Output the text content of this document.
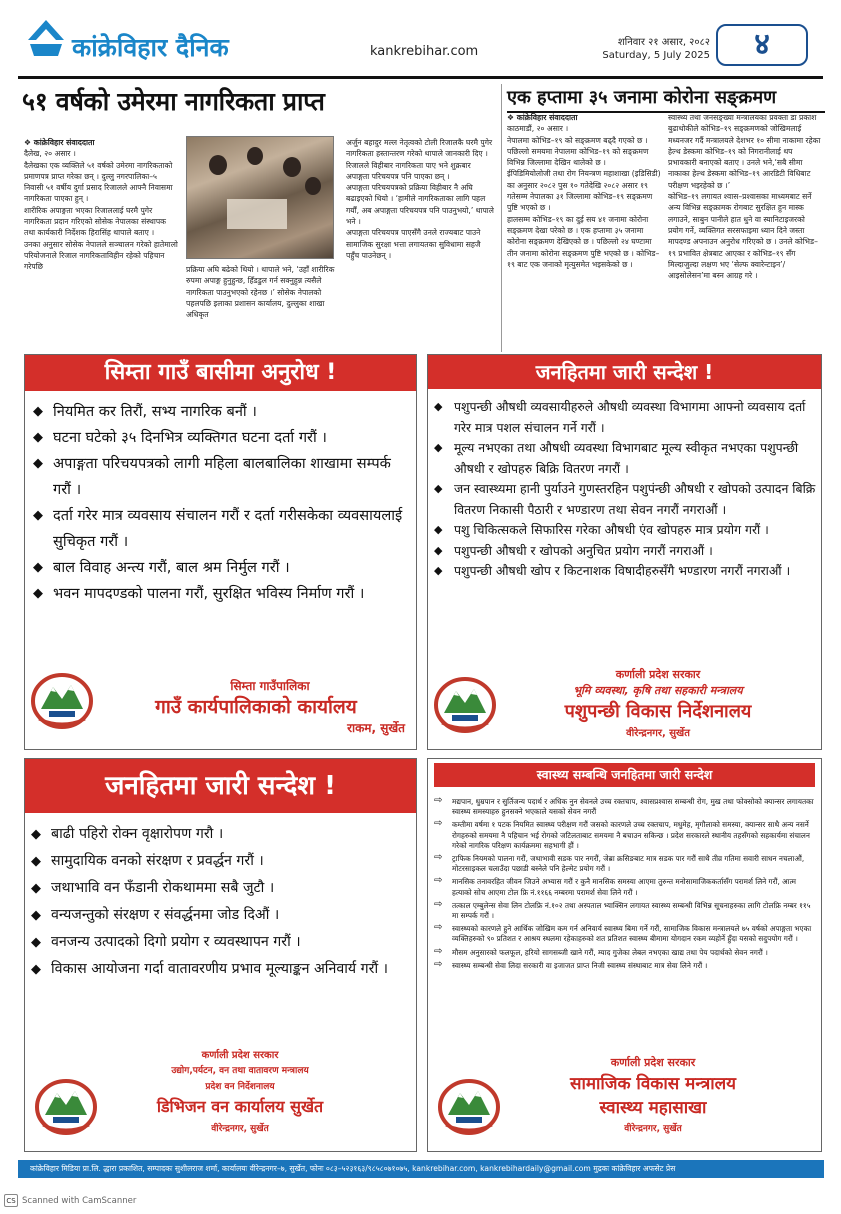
कांक्रेविहार दैनिक	kankrebihar.com
शनिवार २१ असार, २०८२
Saturday, 5 July 2025	४
५१ वर्षको उमेरमा नागरिकता प्राप्त
❖ कांक्रेविहार संवाददाता
दैलेख, २० असार ।
दैलेखका एक व्यक्तिले ५१ वर्षको उमेरमा नागरिकताको प्रमाणपत्र प्राप्त गरेका छन् । दुल्लु नगरपालिका–५ निवासी ५१ वर्षीय दुर्गा प्रसाद रिजालले आफ्नै निवासमा नागरिकता पाएका हुन् ।
शारीरिक अपाङ्गता भएका रिजाललाई घरमै पुगेर नागरिकता प्रदान गरिएको सोसेक नेपालका संस्थापक तथा कार्यकारी निर्देशक हिरासिंह थापाले बताए ।
उनका अनुसार सोसेक नेपालले सञ्चालन गरेको हातेमालो परियोजनाले रिजाल नागरिकताविहीन रहेको पहिचान गरेपछि	प्रक्रिया अघि बढेको थियो । थापाले भने, ‘उहाँ शारीरिक रुपमा अपाङ्ग हुनुहुन्छ, हिँडडुल गर्न सक्नुहुन्न त्यसैले नागरिकता पाउनुभएको रहेनछ ।’ सोसेक नेपालको पहलपछि इलाका प्रशासन कार्यालय, दुल्लुका शाखा अधिकृत
अर्जुन बहादुर मल्ल नेतृत्वको टोली रिजालकै घरमै पुगेर नागरिकता हस्तान्तरण गरेको थापाले जानकारी दिए ।
रिजालले विहीबार नागरिकता पाए भने शुक्रबार अपाङ्गता परिचयपत्र पनि पाएका छन् ।
अपाङ्गता परिचयपत्रको प्रक्रिया विहीबार नै अघि बढाइएको थियो । ‘हामीले नागरिकताका लागि पहल गर्यौं, अब अपाङ्गता परिचयपत्र पनि पाउनुभयो,’ थापाले भने ।
अपाङ्गता परिचयपत्र पाएसँगै उनले राज्यबाट पाउने सामाजिक सुरक्षा भत्ता लगायतका सुविधामा सहजै पहुँच पाउनेछन् ।
एक हप्तामा ३५ जनामा कोरोना सङ्क्रमण
❖ कांक्रेविहार संवाददाता
काठमाडौं, २० असार ।
नेपालमा कोभिड–१९ को सङ्क्रमण बढ्दै गएको छ । पछिल्लो समयमा नेपालमा कोभिड–१९ को सङ्क्रमण विभिन्न जिल्लामा देखिन थालेको छ ।
ईपिडिमियोलोजी तथा रोग नियन्त्रण महाशाखा (इडिसिडी) का अनुसार २०८२ पुस १० गतेदेखि २०८२ असार १९ गतेसम्म नेपालका ३१ जिल्लामा कोभिड–१९ सङ्क्रमण पुष्टि भएको छ ।
हालसम्म कोभिड–१९ का दुई सय ४१ जनामा कोरोना सङ्क्रमण देखा परेको छ । एक हप्तामा ३५ जनामा कोरोना सङ्क्रमण देखिएको छ । पछिल्लो २४ घण्टामा तीन जनामा कोरोना सङ्क्रमण पुष्टि भएको छ । कोभिड–१९ बाट एक जनाको मृत्युसमेत भइसकेको छ ।
स्वास्थ्य तथा जनसङ्ख्या मन्त्रालयका प्रवक्ता डा प्रकाश बुढाथोकीले कोभिड–१९ सङ्क्रमणको जोखिमलाई मध्यनजर गर्दै मन्त्रालयले देशभर १० सीमा नाकामा रहेका हेल्थ डेस्कमा कोभिड–१९ को निगरानीलाई थप प्रभावकारी बनाएको बताए । उनले भने,‘सबै सीमा नाकाका हेल्थ डेस्कमा कोभिड–१९ आरडिटी विधिबाट परीक्षण भइरहेको छ ।’
कोभिड–१९ लगायत श्वास–प्रश्वासका माध्यमबाट सर्ने अन्य विभिन्न सङ्क्रामक रोगबाट सुरक्षित हुन मास्क लगाउने, साबुन पानीले हात धुने वा स्यानिटाइजरको प्रयोग गर्ने, व्यक्तिगत सरसफाइमा ध्यान दिने जस्ता मापदण्ड अपनाउन अनुरोध गरिएको छ । उनले कोभिड–१९ प्रभावित क्षेत्रबाट आएका र कोभिड–१९ सँग मिल्दाजुल्दा लक्षण भए ‘सेल्फ क्वारेन्टाइन’/आइसोलेसन’मा बस्न आग्रह गरे ।
सिम्ता गाउँ बासीमा अनुरोध !
◆ नियमित कर तिरौं, सभ्य नागरिक बनौं ।
◆ घटना घटेको ३५ दिनभित्र व्यक्तिगत घटना दर्ता गरौं ।
◆ अपाङ्गता परिचयपत्रको लागी महिला बालबालिका शाखामा सम्पर्क गरौं ।
◆ दर्ता गरेर मात्र व्यवसाय संचालन गरौं र दर्ता गरीसकेका व्यवसायलाई सुचिकृत गरौं ।
◆ बाल विवाह अन्त्य गरौं, बाल श्रम निर्मुल गरौं ।
◆ भवन मापदण्डको पालना गरौं, सुरक्षित भविस्य निर्माण गरौं ।
सिम्ता गाउँपालिका
गाउँ कार्यपालिकाको कार्यालय
राकम, सुर्खेत
जनहितमा जारी सन्देश !
◆ पशुपन्छी औषधी व्यवसायीहरुले औषधी व्यवस्था विभागमा आफ्नो व्यवसाय दर्ता गरेर मात्र पशल संचालन गर्ने गरौं ।
◆ मूल्य नभएका तथा औषधी व्यवस्था विभागबाट मूल्य स्वीकृत नभएका पशुपन्छी औषधी र खोपहरु बिक्रि वितरण नगरौं ।
◆ जन स्वास्थ्यमा हानी पुर्याउने गुणस्तरहिन पशुपंन्छी औषधी र खोपको उत्पादन बिक्रि वितरण निकासी पैठारी र भण्डारण तथा सेवन नगरौं नगराऔं ।
◆ पशु चिकित्सकले सिफारिस गरेका औषधी एंव खोपहरु मात्र प्रयोग गरौं ।
◆ पशुपन्छी औषधी र खोपको अनुचित प्रयोग नगरौं नगराऔं ।
◆ पशुपन्छी औषधी खोप र किटनाशक विषादीहरुसँगै भण्डारण नगरौं नगराऔं ।
कर्णाली प्रदेश सरकार
भूमि व्यवस्था, कृषि तथा सहकारी मन्त्रालय
पशुपन्छी विकास निर्देशनालय
वीरेन्द्रनगर, सुर्खेत
जनहितमा जारी सन्देश !
◆ बाढी पहिरो रोक्न वृक्षारोपण गरौ ।
◆ सामुदायिक वनको संरक्षण र प्रवर्द्धन गरौं ।
◆ जथाभावि वन फँडानी रोकथाममा सबै जुटौ ।
◆ वन्यजन्तुको संरक्षण र संवर्द्धनमा जोड दिऔं ।
◆ वनजन्य उत्पादको दिगो प्रयोग र व्यवस्थापन गरौं ।
◆ विकास आयोजना गर्दा वातावरणीय प्रभाव मूल्याङ्कन अनिवार्य गरौं ।
कर्णाली प्रदेश सरकार
उद्योग,पर्यटन, वन तथा वातावरण मन्त्रालय
प्रदेश वन निर्देशनालय
डिभिजन वन कार्यालय सुर्खेत
वीरेन्द्रनगर, सुर्खेत
स्वास्थ्य सम्बन्धि जनहितमा जारी सन्देश
⇨ मद्यपान, धुम्रपान र सुर्तिजन्य पदार्थ र अधिक नुन सेवनले उच्च रक्तचाप, श्वासप्रश्वास सम्बन्धी रोग, मुख तथा फोक्सोको क्यान्सर लगायतका स्वास्थ्य समस्याहरु हुनसक्ने भएकाले यसको सेवन नगरौं
⇨ कम्तीमा वर्षमा १ पटक नियमित स्वास्थ्य परीक्षण गरौं जसको कारणले उच्च रक्तचाप, मधुमेह, मृगौलाको समस्या, क्यान्सर साथै अन्य नसर्ने रोगहरुको समयमा नै पहिचान भई रोगको जटिलताबाट समयमा नै बचाउन सकिन्छ । प्रदेश सरकारले स्थानीय तहसँगको सहकार्यमा संचालन गरेको नागरिक परिक्षण कार्यक्रममा सहभागी हौं ।
⇨ ट्राफिक नियमको पालना गरौं, जथाभावी सडक पार नगरौं, जेब्रा क्रसिङबाट मात्र सडक पार गरौं साथै तीव्र गतिमा सवारी साधन नचलाऔं, मोटरसाइकल चलाउँदा पछाडी बस्नेले पनि हेल्मेट प्रयोग गरौं ।
⇨ मानसिक तनावरहित जीवन जिउने अभ्यास गरौं र कुनै मानसिक समस्या आएमा तुरुन्त मनोसामाजिककर्तासँग परामर्श लिने गरौं, आत्म हत्याको सोच आएमा टोल फ्रि नं.११६६ नम्बरमा परामर्श सेवा लिने गरौं ।
⇨ तत्काल एम्बुलेन्स सेवा लिन टोलफ्रि नं.१०२ तथा अस्पताल भ्याक्सिन लगायत स्वास्थ्य सम्बन्धी विभिन्न सूचनाहरुका लागि टोलफ्रि नम्बर ११५ मा सम्पर्क गरौं ।
⇨ स्वास्थ्यको कारणले हुने आर्थिक जोखिम कम गर्न अनिवार्य स्वास्थ्य बिमा गर्ने गरौं, सामाजिक विकास मन्त्रालयले ७५ वर्षको अपाङ्गता भएका व्यक्तिहरुको ९० प्रतिशत र आश्रय स्थलमा रहेकाहरुको शत प्रतिशत स्वास्थ्य बीमामा योगदान रकम व्यहोर्ने हुँदा यसको सदुपयोग गरौं ।
⇨ मौसम अनुसारको फलफूल, हरियो सागसब्जी खाने गरौं, म्याद गुजेका लेबल नभएका खाद्य तथा पेय पदार्थको सेवन नगरौं ।
⇨ स्वास्थ्य सम्बन्धी सेवा लिदा सरकारी वा इजाजत प्राप्त निजी स्वास्थ्य संस्थाबाट मात्र सेवा लिने गरौं ।
कर्णाली प्रदेश सरकार
सामाजिक विकास मन्त्रालय
स्वास्थ्य महासाखा
वीरेन्द्रनगर, सुर्खेत
कांक्रेविहार मिडिया प्रा.लि. द्धारा प्रकाशित, सम्पादकः सुशीलराज शर्मा, कार्यालयः वीरेन्द्रनगर–७, सुर्खेत, फोनः ०८३–५२३१६३/९८५८०७१०७५, kankrebihar.com, kankrebihardaily@gmail.com मुद्रकः कांक्रेविहार अफसेट प्रेस
CS Scanned with CamScanner
